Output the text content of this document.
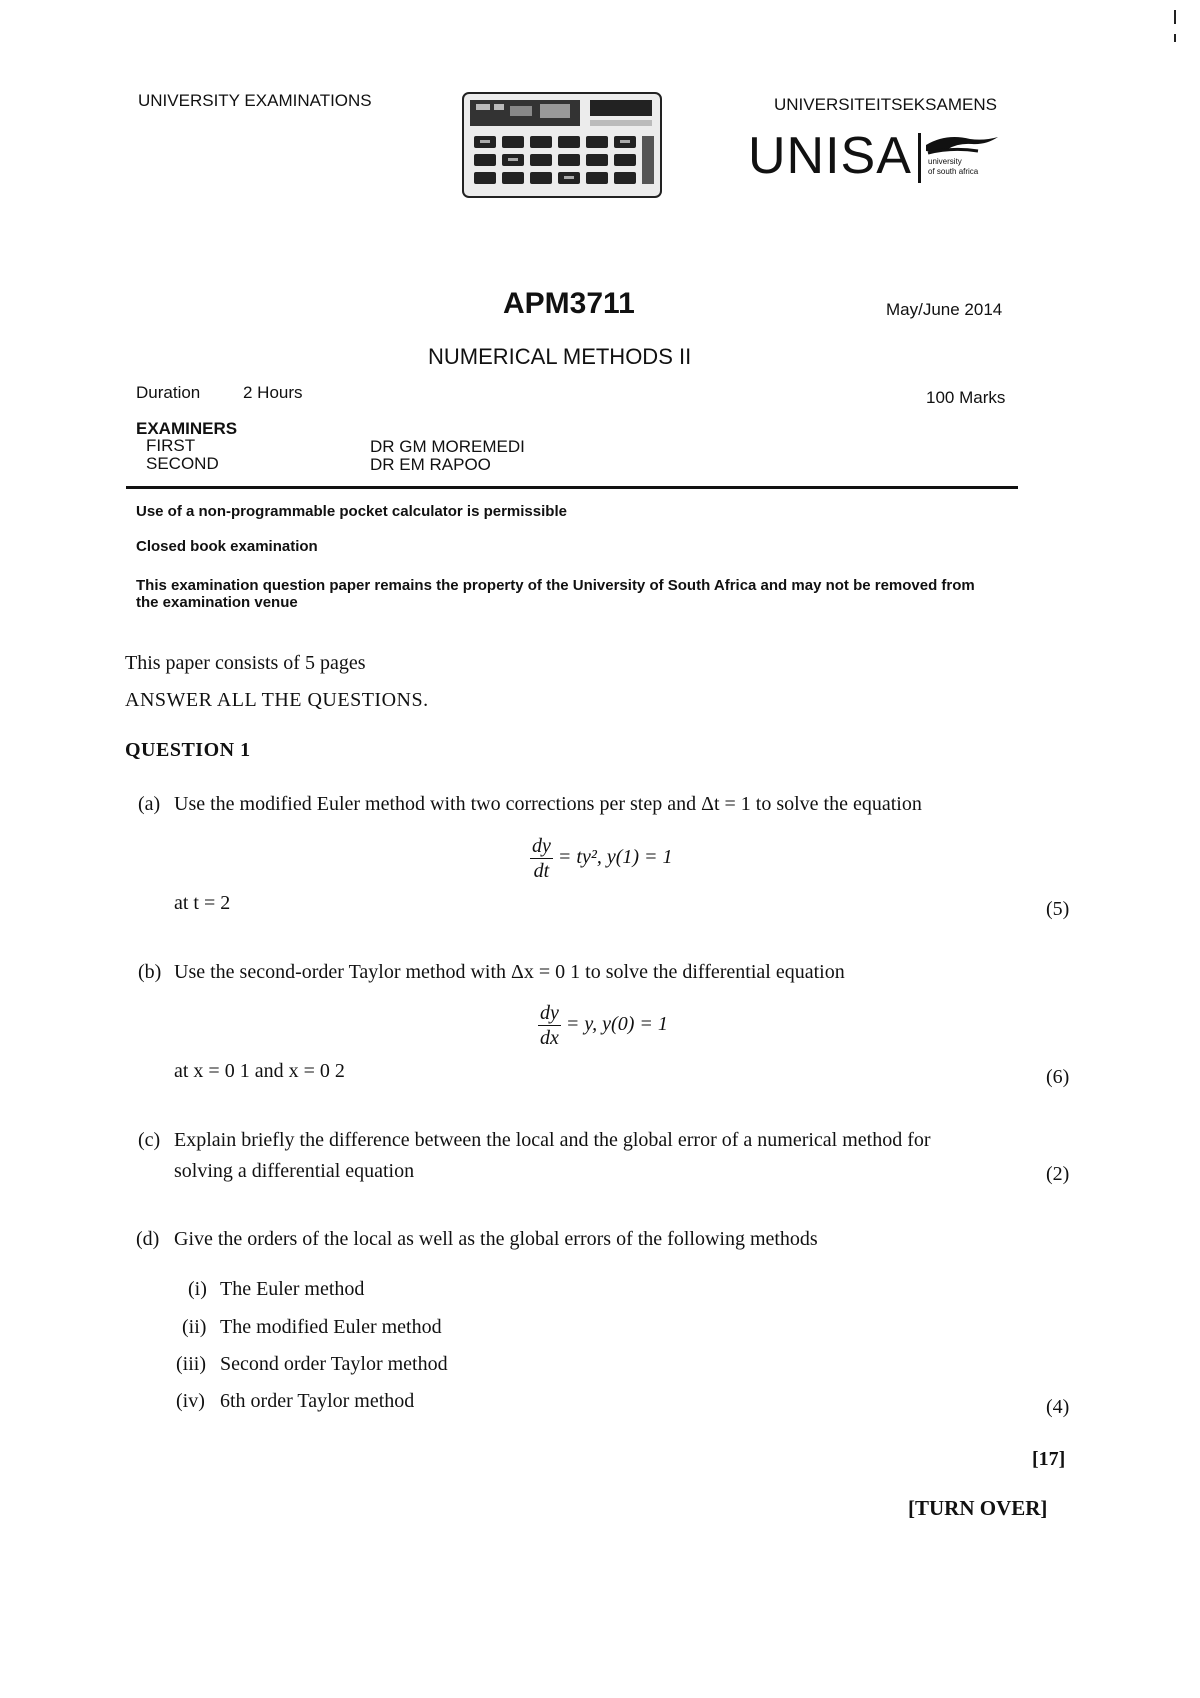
UNIVERSITY EXAMINATIONS	UNIVERSITEITSEKSAMENS
UNISA university
of south africa
APM3711	May/June 2014
NUMERICAL METHODS II
Duration	2 Hours	100 Marks
EXAMINERS
FIRST	DR GM MOREMEDI
SECOND	DR EM RAPOO
Use of a non-programmable pocket calculator is permissible
Closed book examination
This examination question paper remains the property of the University of South Africa and may not be removed from the examination venue
This paper consists of 5 pages
ANSWER ALL THE QUESTIONS.
QUESTION 1
(a) Use the modified Euler method with two corrections per step and Δt = 1 to solve the equation
$\frac{dy}{dt} = ty^2$, y(1) = 1
at t = 2	(5)
(b) Use the second-order Taylor method with Δx = 0 1 to solve the differential equation
$\frac{dy}{dx} = y$, y(0) = 1
at x = 0 1 and x = 0 2	(6)
(c) Explain briefly the difference between the local and the global error of a numerical method for
solving a differential equation	(2)
(d) Give the orders of the local as well as the global errors of the following methods
(i) The Euler method
(ii) The modified Euler method
(iii) Second order Taylor method
(iv) 6th order Taylor method	(4)
[17]
[TURN OVER]
